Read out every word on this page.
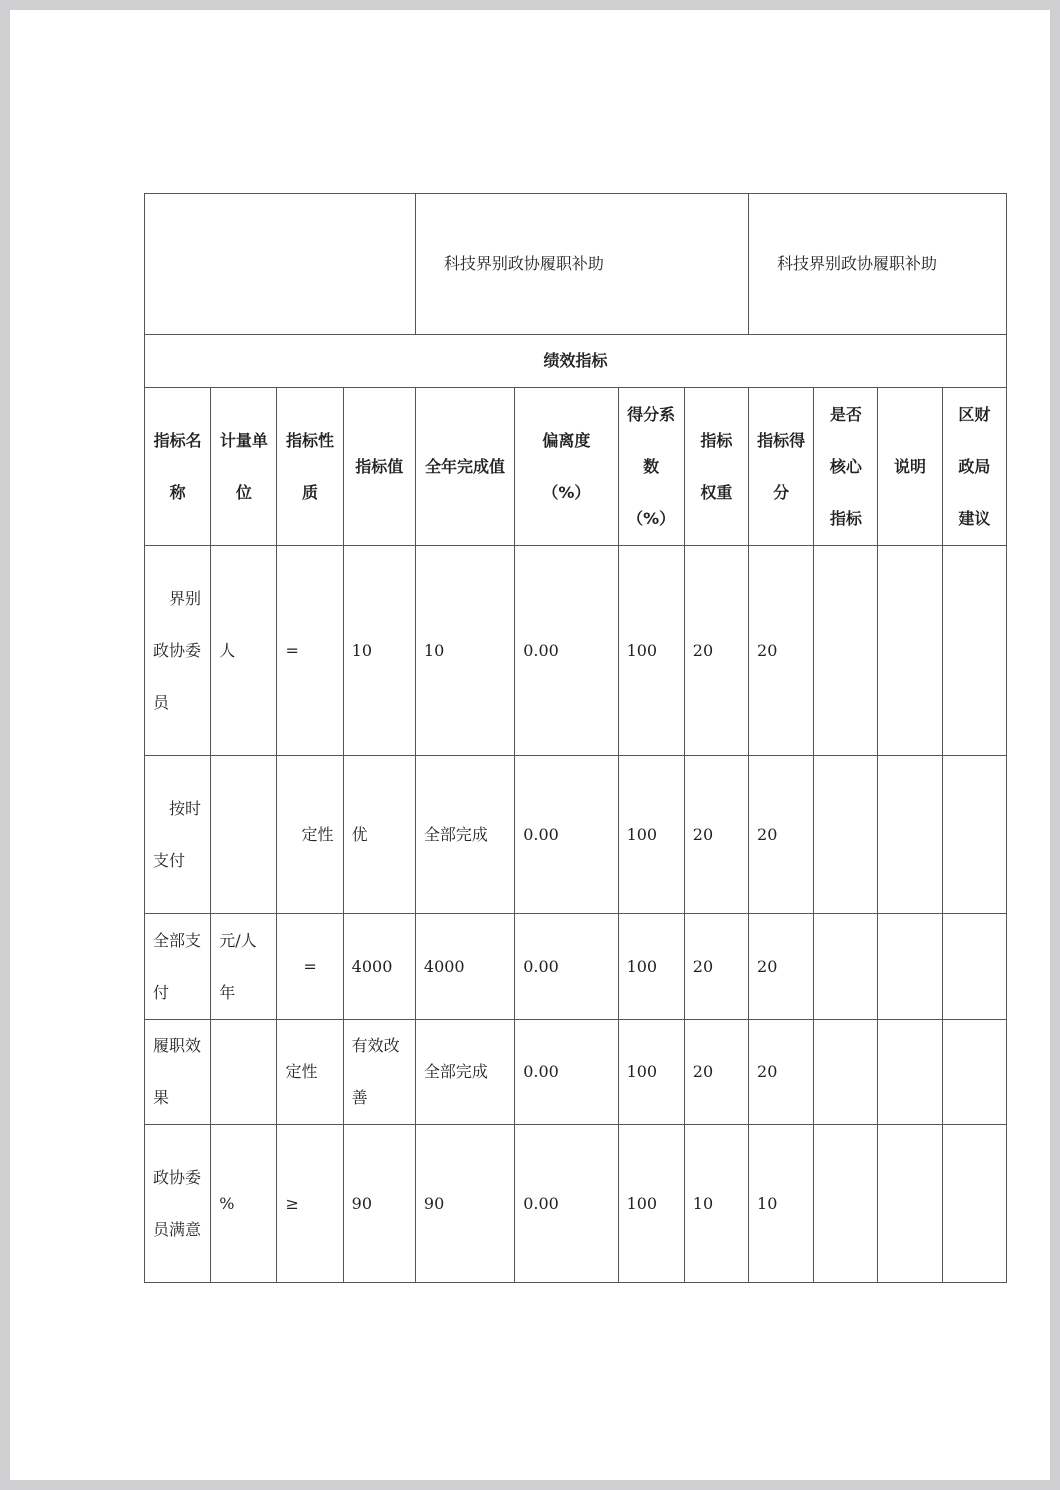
				科技界别政协履职补助				科技界别政协履职补助			
绩效指标											
指标名称	计量单位	指标性质	指标值	全年完成值	偏离度（%）	得分系数（%）	指标权重	指标得分	是否核心指标	说明	区财政局建议
界别政协委员	人	=	10	10	0.00	100	20	20			
按时支付		定性	优	全部完成	0.00	100	20	20			
全部支付	元/人年	=	4000	4000	0.00	100	20	20			
履职效果		定性	有效改善	全部完成	0.00	100	20	20			
政协委员满意	%	≥	90	90	0.00	100	10	10			
